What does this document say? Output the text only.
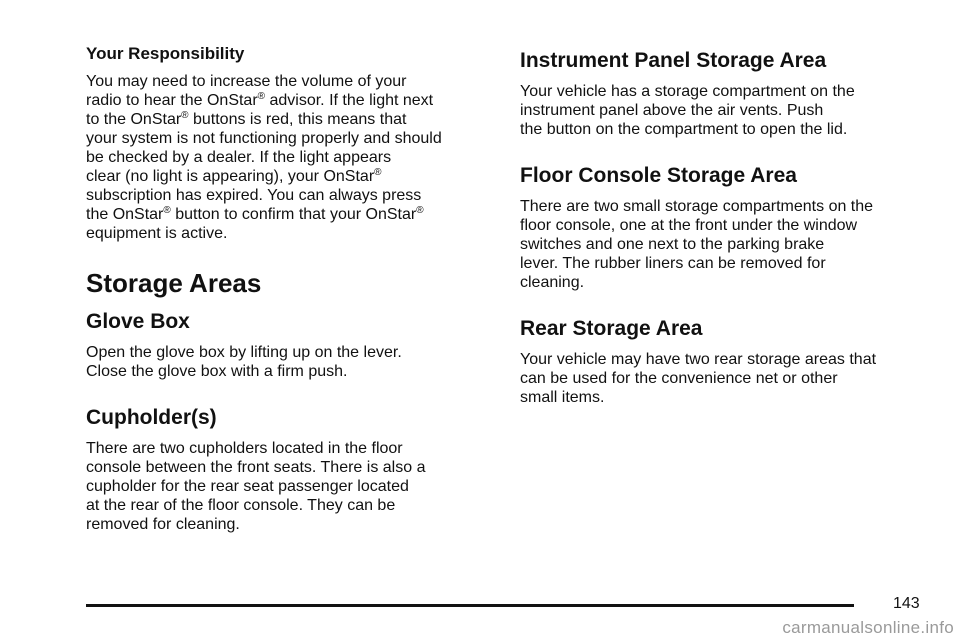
Your Responsibility

You may need to increase the volume of your
radio to hear the OnStar® advisor. If the light next
to the OnStar® buttons is red, this means that
your system is not functioning properly and should
be checked by a dealer. If the light appears
clear (no light is appearing), your OnStar®
subscription has expired. You can always press
the OnStar® button to confirm that your OnStar®
equipment is active.

Storage Areas
Glove Box

Open the glove box by lifting up on the lever.
Close the glove box with a firm push.

Cupholder(s)

There are two cupholders located in the floor
console between the front seats. There is also a
cupholder for the rear seat passenger located
at the rear of the floor console. They can be
removed for cleaning.

Instrument Panel Storage Area

Your vehicle has a storage compartment on the
instrument panel above the air vents. Push
the button on the compartment to open the lid.

Floor Console Storage Area

There are two small storage compartments on the
floor console, one at the front under the window
switches and one next to the parking brake
lever. The rubber liners can be removed for
cleaning.

Rear Storage Area

Your vehicle may have two rear storage areas that
can be used for the convenience net or other
small items.

143
carmanualsonline.info
